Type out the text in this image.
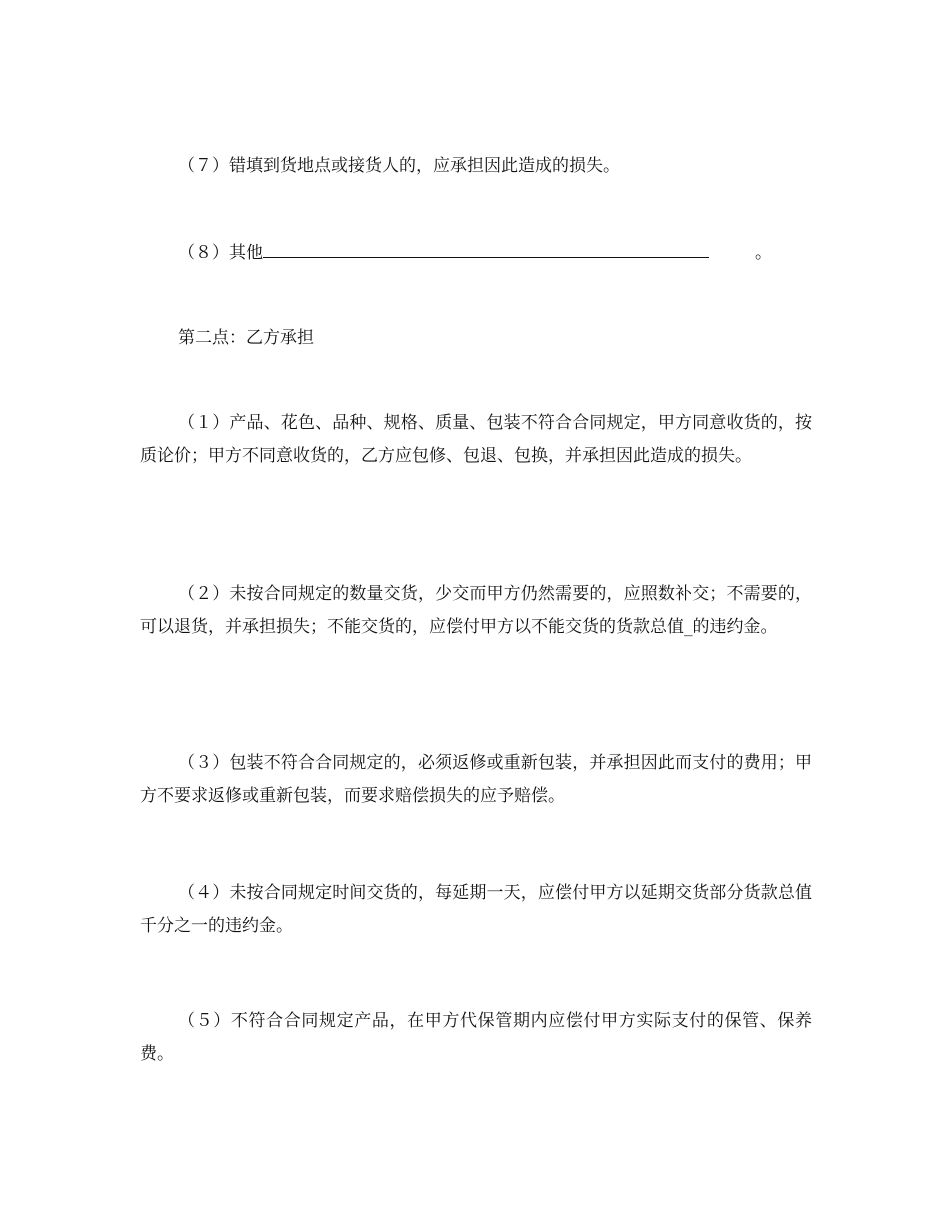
（７）错填到货地点或接货人的，应承担因此造成的损失。

（８）其他	。

第二点：乙方承担

（１）产品、花色、品种、规格、质量、包装不符合合同规定，甲方同意收货的，按质论价；甲方不同意收货的，乙方应包修、包退、包换，并承担因此造成的损失。

（２）未按合同规定的数量交货，少交而甲方仍然需要的，应照数补交；不需要的，可以退货，并承担损失；不能交货的，应偿付甲方以不能交货的货款总值_的违约金。

（３）包装不符合合同规定的，必须返修或重新包装，并承担因此而支付的费用；甲方不要求返修或重新包装，而要求赔偿损失的应予赔偿。

（４）未按合同规定时间交货的，每延期一天，应偿付甲方以延期交货部分货款总值千分之一的违约金。

（５）不符合合同规定产品，在甲方代保管期内应偿付甲方实际支付的保管、保养费。
